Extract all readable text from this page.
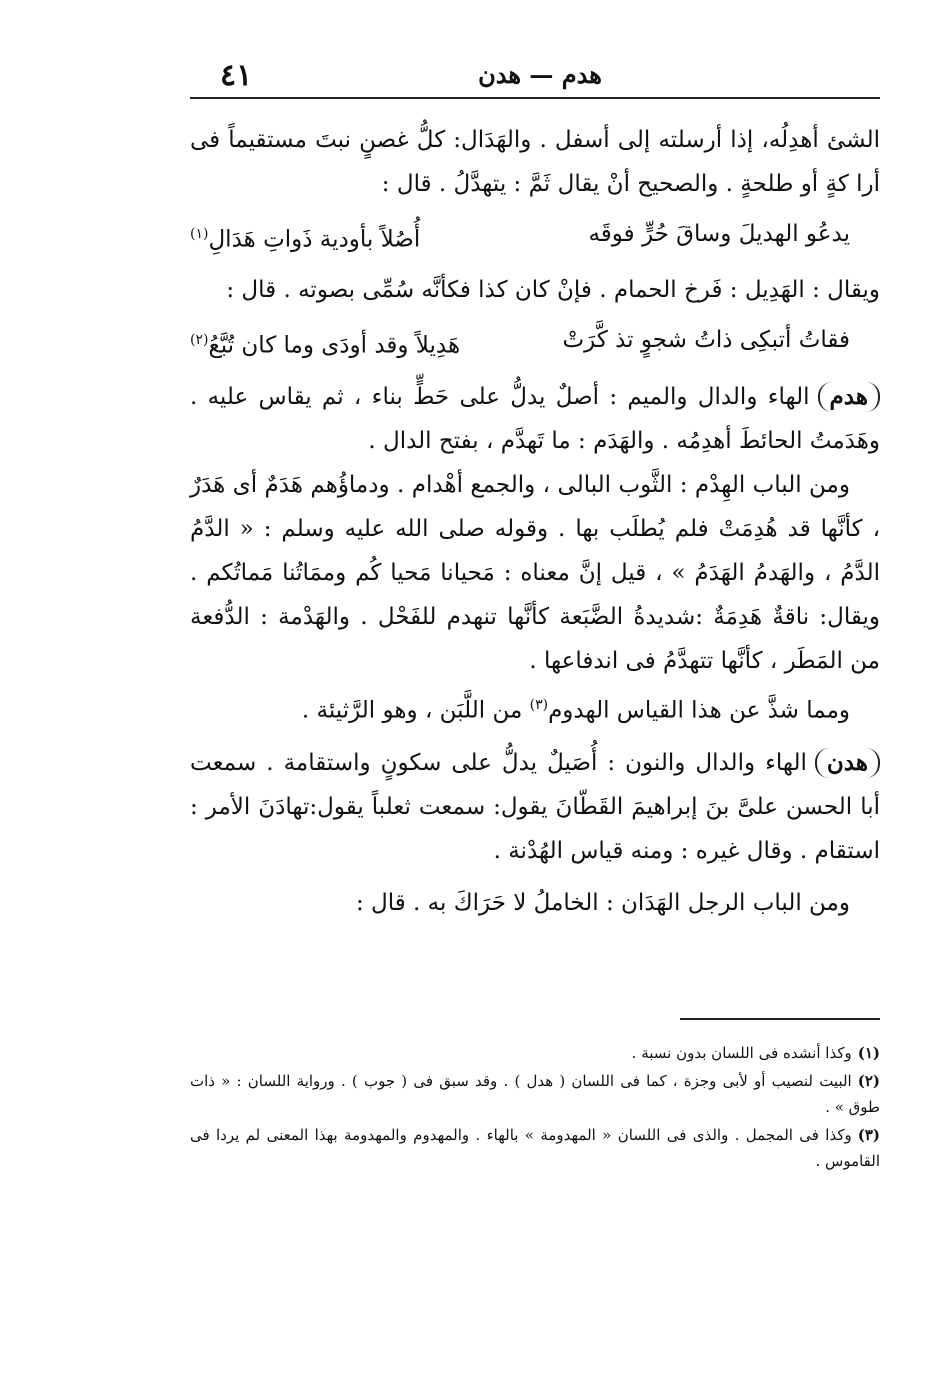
٤١	هدم — هدن

الشئ أهدِلُه، إذا أرسلته إلى أسفل . والهَدَال: كلُّ غصنٍ نبتَ مستقيماً فى أرا كةٍ أو طلحةٍ . والصحيح أنْ يقال ثَمَّ : يتهدَّلُ . قال :

يدعُو الهديلَ وساقَ حُرٍّ فوقَه
أُصُلاً بأودية ذَواتِ هَدَالِ$^{(١)}$

ويقال : الهَدِيل : فَرخ الحمام . فإنْ كان كذا فكأنَّه سُمِّى بصوته . قال :

فقاتُ أتبكِى ذاتُ شجوٍ تذ كَّرَتْ
هَدِيلاً وقد أودَى وما كان تُبَّعُ$^{(٢)}$

هدمالهاء والدال والميم : أصلٌ يدلُّ على حَطٍّ بناء ، ثم يقاس عليه . وهَدَمتُ الحائطَ أهدِمُه . والهَدَم : ما تَهدَّم ، بفتح الدال .

ومن الباب الهِدْم : الثَّوب البالى ، والجمع أهْدام . ودماؤُهم هَدَمٌ أى هَدَرٌ ، كأنَّها قد هُدِمَتْ فلم يُطلَب بها . وقوله صلى الله عليه وسلم : « الدَّمُ الدَّمُ ، والهَدمُ الهَدَمُ » ، قيل إنَّ معناه : مَحيانا مَحيا كُم وممَاتُنا مَماتُكم . ويقال: ناقةٌ هَدِمَةٌ :شديدةُ الضَّبَعة كأنَّها تنهدم للفَحْل . والهَدْمة : الدُّفعة من المَطَر ، كأنَّها تتهدَّمُ فى اندفاعها .

ومما شذَّ عن هذا القياس الهدوم$^{(٣)}$ من اللَّبَن ، وهو الرَّثيئة .

هدنالهاء والدال والنون : أُصَيلٌ يدلُّ على سكونٍ واستقامة . سمعت أبا الحسن علىَّ بنَ إبراهيمَ القَطّانَ يقول: سمعت ثعلباً يقول:تهادَنَ الأمر : استقام . وقال غيره : ومنه قياس الهُدْنة .

ومن الباب الرجل الهَدَان : الخاملُ لا حَرَاكَ به . قال :

(١)وكذا أنشده فى اللسان بدون نسبة .

(٢)البيت لنصيب أو لأبى وجزة ، كما فى اللسان ( هدل ) . وقد سبق فى ( جوب ) . ورواية اللسان : « ذات طوق » .

(٣)وكذا فى المجمل . والذى فى اللسان « المهدومة » بالهاء . والمهدوم والمهدومة بهذا المعنى لم يردا فى القاموس .
